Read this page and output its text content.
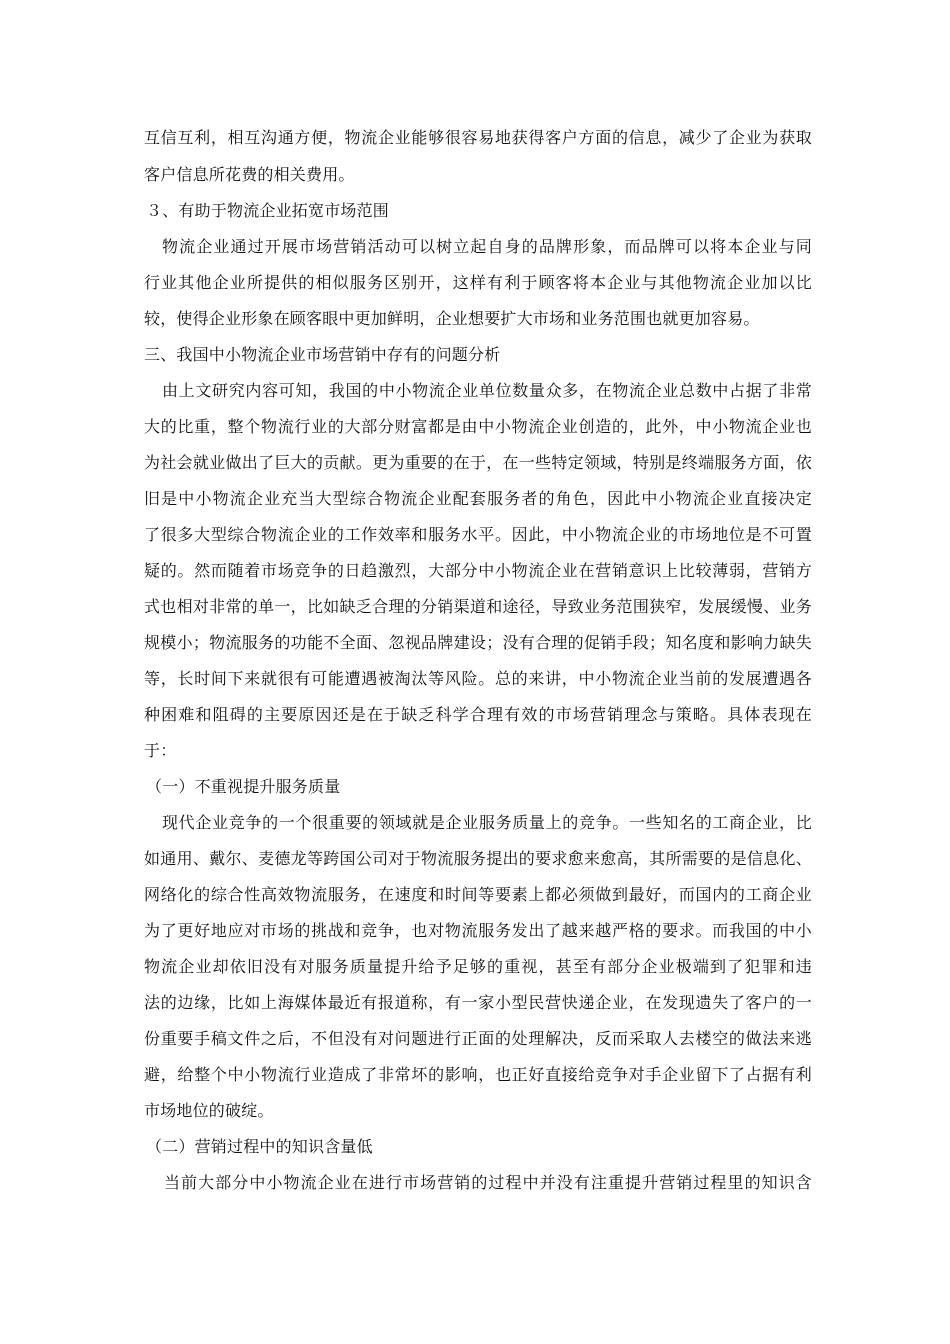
互信互利，相互沟通方便，物流企业能够很容易地获得客户方面的信息，减少了企业为获取
客户信息所花费的相关费用。
３、有助于物流企业拓宽市场范围
物流企业通过开展市场营销活动可以树立起自身的品牌形象，而品牌可以将本企业与同
行业其他企业所提供的相似服务区别开，这样有利于顾客将本企业与其他物流企业加以比
较，使得企业形象在顾客眼中更加鲜明，企业想要扩大市场和业务范围也就更加容易。
三、我国中小物流企业市场营销中存有的问题分析
由上文研究内容可知，我国的中小物流企业单位数量众多，在物流企业总数中占据了非常
大的比重，整个物流行业的大部分财富都是由中小物流企业创造的，此外，中小物流企业也
为社会就业做出了巨大的贡献。更为重要的在于，在一些特定领域，特别是终端服务方面，依
旧是中小物流企业充当大型综合物流企业配套服务者的角色，因此中小物流企业直接决定
了很多大型综合物流企业的工作效率和服务水平。因此，中小物流企业的市场地位是不可置
疑的。然而随着市场竞争的日趋激烈，大部分中小物流企业在营销意识上比较薄弱，营销方
式也相对非常的单一，比如缺乏合理的分销渠道和途径，导致业务范围狭窄，发展缓慢、业务
规模小；物流服务的功能不全面、忽视品牌建设；没有合理的促销手段；知名度和影响力缺失
等，长时间下来就很有可能遭遇被淘汰等风险。总的来讲，中小物流企业当前的发展遭遇各
种困难和阻碍的主要原因还是在于缺乏科学合理有效的市场营销理念与策略。具体表现在
于：
（一）不重视提升服务质量
现代企业竞争的一个很重要的领域就是企业服务质量上的竞争。一些知名的工商企业，比
如通用、戴尔、麦德龙等跨国公司对于物流服务提出的要求愈来愈高，其所需要的是信息化、
网络化的综合性高效物流服务，在速度和时间等要素上都必须做到最好，而国内的工商企业
为了更好地应对市场的挑战和竞争，也对物流服务发出了越来越严格的要求。而我国的中小
物流企业却依旧没有对服务质量提升给予足够的重视，甚至有部分企业极端到了犯罪和违
法的边缘，比如上海媒体最近有报道称，有一家小型民营快递企业，在发现遗失了客户的一
份重要手稿文件之后，不但没有对问题进行正面的处理解决，反而采取人去楼空的做法来逃
避，给整个中小物流行业造成了非常坏的影响，也正好直接给竞争对手企业留下了占据有利
市场地位的破绽。
（二）营销过程中的知识含量低
当前大部分中小物流企业在进行市场营销的过程中并没有注重提升营销过程里的知识含
